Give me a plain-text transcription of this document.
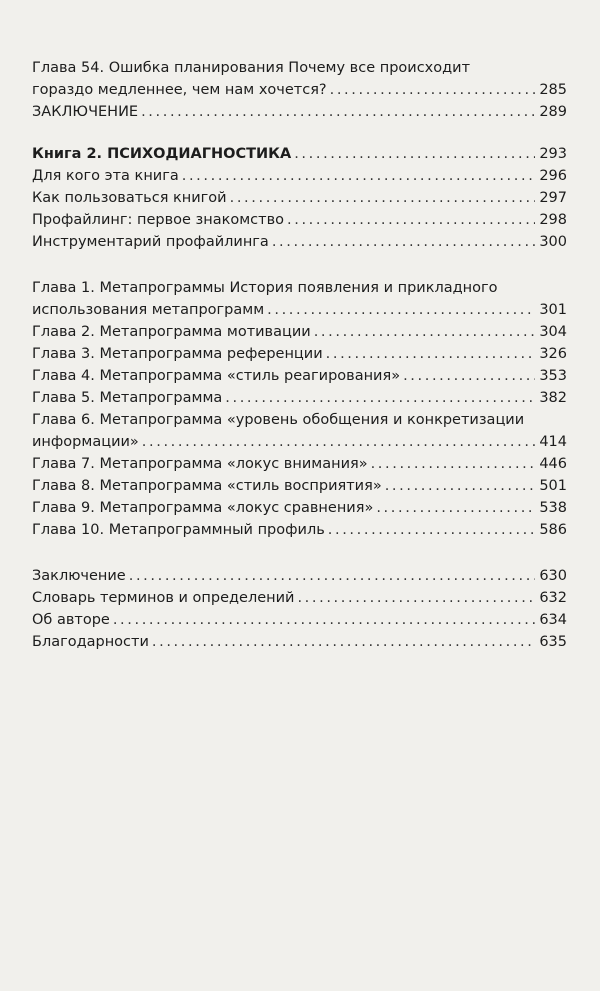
Глава 54. Ошибка планирования Почему все происходит
гораздо медленнее, чем нам хочется? . . .	285
ЗАКЛЮЧЕНИЕ . . .	289
Книга 2. ПСИХОДИАГНОСТИКА . . .	293
Для кого эта книга . . .	296
Как пользоваться книгой . . .	297
Профайлинг: первое знакомство . . .	298
Инструментарий профайлинга . . .	300
Глава 1. Метапрограммы История появления и прикладного
использования метапрограмм . . .	301
Глава 2. Метапрограмма мотивации . . .	304
Глава 3. Метапрограмма референции . . .	326
Глава 4. Метапрограмма «стиль реагирования» . . .	353
Глава 5. Метапрограмма . . .	382
Глава 6. Метапрограмма «уровень обобщения и конкретизации
информации» . . .	414
Глава 7. Метапрограмма «локус внимания» . . .	446
Глава 8. Метапрограмма «стиль восприятия» . . .	501
Глава 9. Метапрограмма «локус сравнения» . . .	538
Глава 10. Метапрограммный профиль . . .	586
Заключение . . .	630
Словарь терминов и определений . . .	632
Об авторе . . .	634
Благодарности . . .	635
